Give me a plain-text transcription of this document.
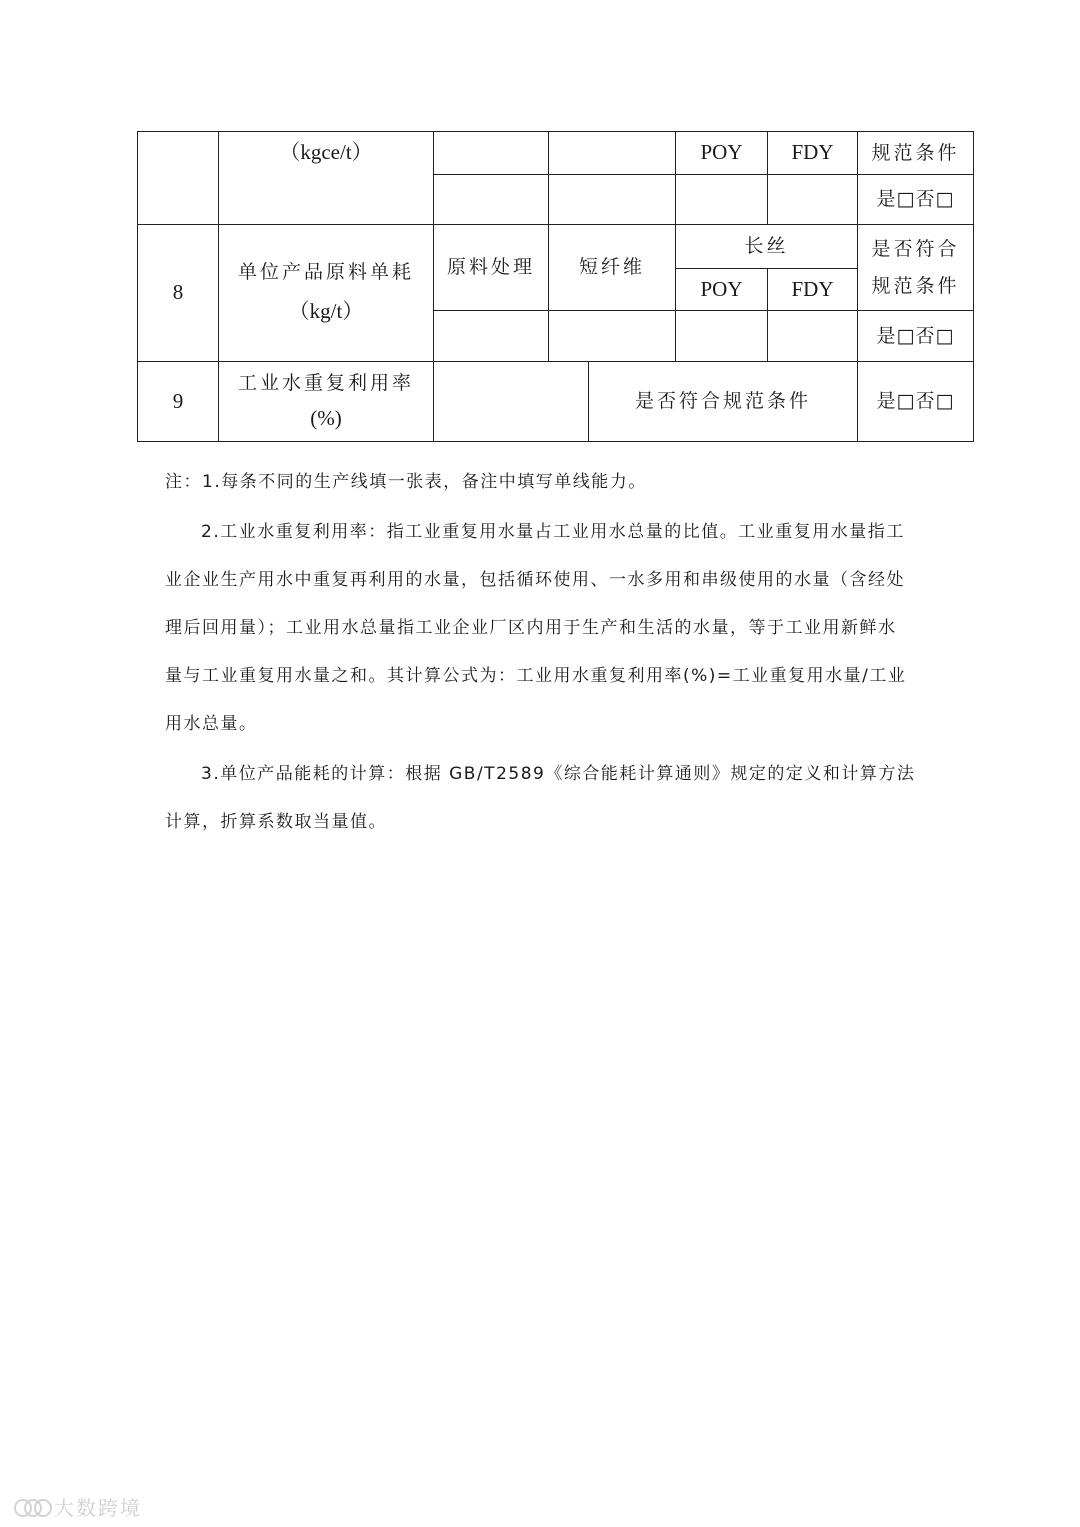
（kgce/t）	POY FDY 规范条件
是□否□
8
单位产品原料单耗
（kg/t）
原料处理 短纤维
长丝
POY FDY
是否符合
规范条件
是□否□
9
工业水重复利用率
(%)
是否符合规范条件	是□否□
注：1.每条不同的生产线填一张表，备注中填写单线能力。
2.工业水重复利用率：指工业重复用水量占工业用水总量的比值。工业重复用水量指工
业企业生产用水中重复再利用的水量，包括循环使用、一水多用和串级使用的水量（含经处
理后回用量）；工业用水总量指工业企业厂区内用于生产和生活的水量，等于工业用新鲜水
量与工业重复用水量之和。其计算公式为：工业用水重复利用率(%)=工业重复用水量/工业
用水总量。
3.单位产品能耗的计算：根据 GB/T2589《综合能耗计算通则》规定的定义和计算方法
计算，折算系数取当量值。
大数跨境
